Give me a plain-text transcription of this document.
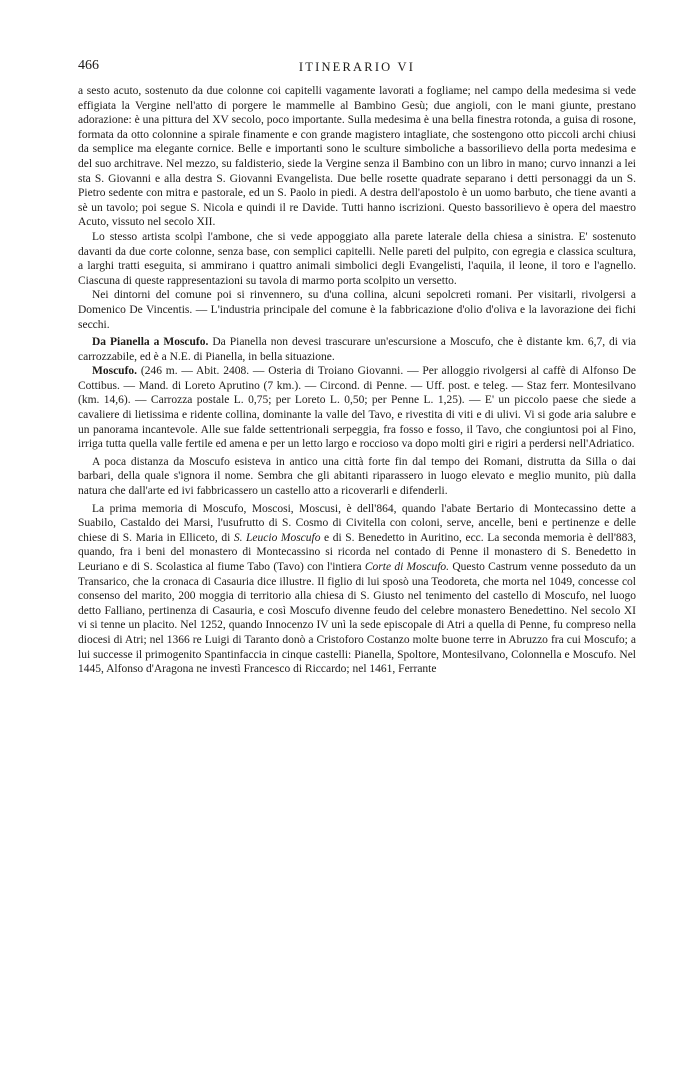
466	ITINERARIO VI

a sesto acuto, sostenuto da due colonne coi capitelli vagamente lavorati a fogliame; nel campo della medesima si vede effigiata la Vergine nell'atto di porgere le mammelle al Bambino Gesù; due angioli, con le mani giunte, prestano adorazione: è una pittura del XV secolo, poco importante. Sulla medesima è una bella finestra rotonda, a guisa di rosone, formata da otto colonnine a spirale finamente e con grande magistero intagliate, che sostengono otto piccoli archi chiusi da semplice ma elegante cornice. Belle e importanti sono le sculture simboliche a bassorilievo della porta medesima e del suo architrave. Nel mezzo, su faldisterio, siede la Vergine senza il Bambino con un libro in mano; curvo innanzi a lei sta S. Giovanni e alla destra S. Giovanni Evangelista. Due belle rosette quadrate separano i detti personaggi da un S. Pietro sedente con mitra e pastorale, ed un S. Paolo in piedi. A destra dell'apostolo è un uomo barbuto, che tiene avanti a sè un tavolo; poi segue S. Nicola e quindi il re Davide. Tutti hanno iscrizioni. Questo bassorilievo è opera del maestro Acuto, vissuto nel secolo XII.

Lo stesso artista scolpì l'ambone, che si vede appoggiato alla parete laterale della chiesa a sinistra. E' sostenuto davanti da due corte colonne, senza base, con semplici capitelli. Nelle pareti del pulpito, con egregia e classica scultura, a larghi tratti eseguita, si ammirano i quattro animali simbolici degli Evangelisti, l'aquila, il leone, il toro e l'agnello. Ciascuna di queste rappresentazioni su tavola di marmo porta scolpito un versetto.

Nei dintorni del comune poi si rinvennero, su d'una collina, alcuni sepolcreti romani. Per visitarli, rivolgersi a Domenico De Vincentis. — L'industria principale del comune è la fabbricazione d'olio d'oliva e la lavorazione dei fichi secchi.

Da Pianella a Moscufo. Da Pianella non devesi trascurare un'escursione a Moscufo, che è distante km. 6,7, di via carrozzabile, ed è a N.E. di Pianella, in bella situazione.

Moscufo. (246 m. — Abit. 2408. — Osteria di Troiano Giovanni. — Per alloggio rivolgersi al caffè di Alfonso De Cottibus. — Mand. di Loreto Aprutino (7 km.). — Circond. di Penne. — Uff. post. e teleg. — Staz ferr. Montesilvano (km. 14,6). — Carrozza postale L. 0,75; per Loreto L. 0,50; per Penne L. 1,25). — E' un piccolo paese che siede a cavaliere di lietissima e ridente collina, dominante la valle del Tavo, e rivestita di viti e di ulivi. Vi si gode aria salubre e un panorama incantevole. Alle sue falde settentrionali serpeggia, fra fosso e fosso, il Tavo, che congiuntosi poi al Fino, irriga tutta quella valle fertile ed amena e per un letto largo e roccioso va dopo molti giri e rigiri a perdersi nell'Adriatico.

A poca distanza da Moscufo esisteva in antico una città forte fin dal tempo dei Romani, distrutta da Silla o dai barbari, della quale s'ignora il nome. Sembra che gli abitanti riparassero in luogo elevato e meglio munito, più dalla natura che dall'arte ed ivi fabbricassero un castello atto a ricoverarli e difenderli.

La prima memoria di Moscufo, Moscosi, Moscusi, è dell'864, quando l'abate Bertario di Montecassino dette a Suabilo, Castaldo dei Marsi, l'usufrutto di S. Cosmo di Civitella con coloni, serve, ancelle, beni e pertinenze e delle chiese di S. Maria in Elliceto, di S. Leucio Moscufo e di S. Benedetto in Auritino, ecc. La seconda memoria è dell'883, quando, fra i beni del monastero di Montecassino si ricorda nel contado di Penne il monastero di S. Benedetto in Leuriano e di S. Scolastica al fiume Tabo (Tavo) con l'intiera Corte di Moscufo. Questo Castrum venne posseduto da un Transarico, che la cronaca di Casauria dice illustre. Il figlio di lui sposò una Teodoreta, che morta nel 1049, concesse col consenso del marito, 200 moggia di territorio alla chiesa di S. Giusto nel tenimento del castello di Moscufo, nel luogo detto Falliano, pertinenza di Casauria, e così Moscufo divenne feudo del celebre monastero Benedettino. Nel secolo XI vi si tenne un placito. Nel 1252, quando Innocenzo IV unì la sede episcopale di Atri a quella di Penne, fu compreso nella diocesi di Atri; nel 1366 re Luigi di Taranto donò a Cristoforo Costanzo molte buone terre in Abruzzo fra cui Moscufo; a lui successe il primogenito Spantinfaccia in cinque castelli: Pianella, Spoltore, Montesilvano, Colonnella e Moscufo. Nel 1445, Alfonso d'Aragona ne investì Francesco di Riccardo; nel 1461, Ferrante
